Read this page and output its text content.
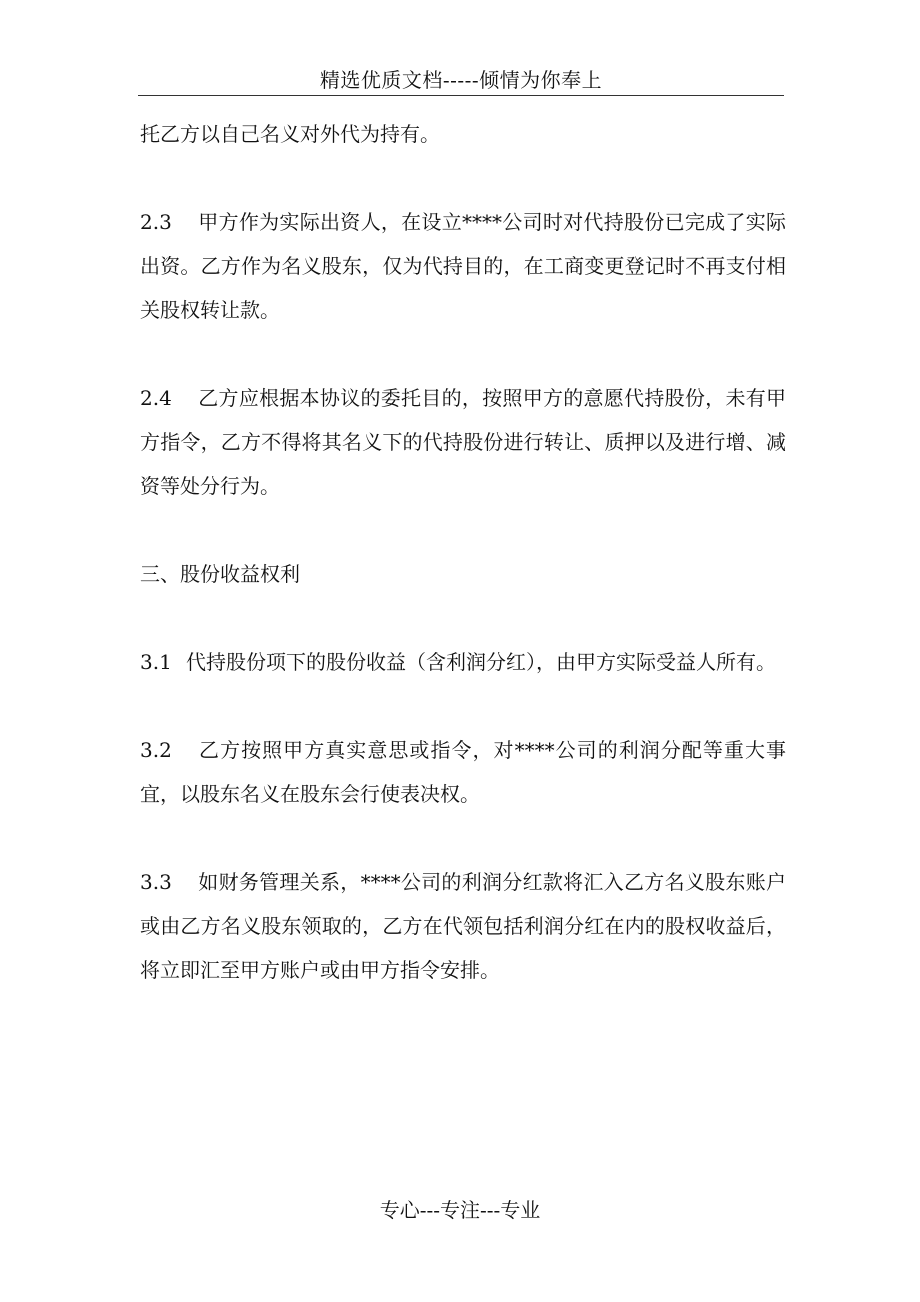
精选优质文档-----倾情为你奉上

托乙方以自己名义对外代为持有。

2.3 甲方作为实际出资人，在设立****公司时对代持股份已完成了实际出资。乙方作为名义股东，仅为代持目的，在工商变更登记时不再支付相关股权转让款。

2.4 乙方应根据本协议的委托目的，按照甲方的意愿代持股份，未有甲方指令，乙方不得将其名义下的代持股份进行转让、质押以及进行增、减资等处分行为。

三、股份收益权利

3.1 代持股份项下的股份收益（含利润分红），由甲方实际受益人所有。

3.2 乙方按照甲方真实意思或指令，对****公司的利润分配等重大事宜，以股东名义在股东会行使表决权。

3.3 如财务管理关系，****公司的利润分红款将汇入乙方名义股东账户或由乙方名义股东领取的，乙方在代领包括利润分红在内的股权收益后，将立即汇至甲方账户或由甲方指令安排。

专心---专注---专业
